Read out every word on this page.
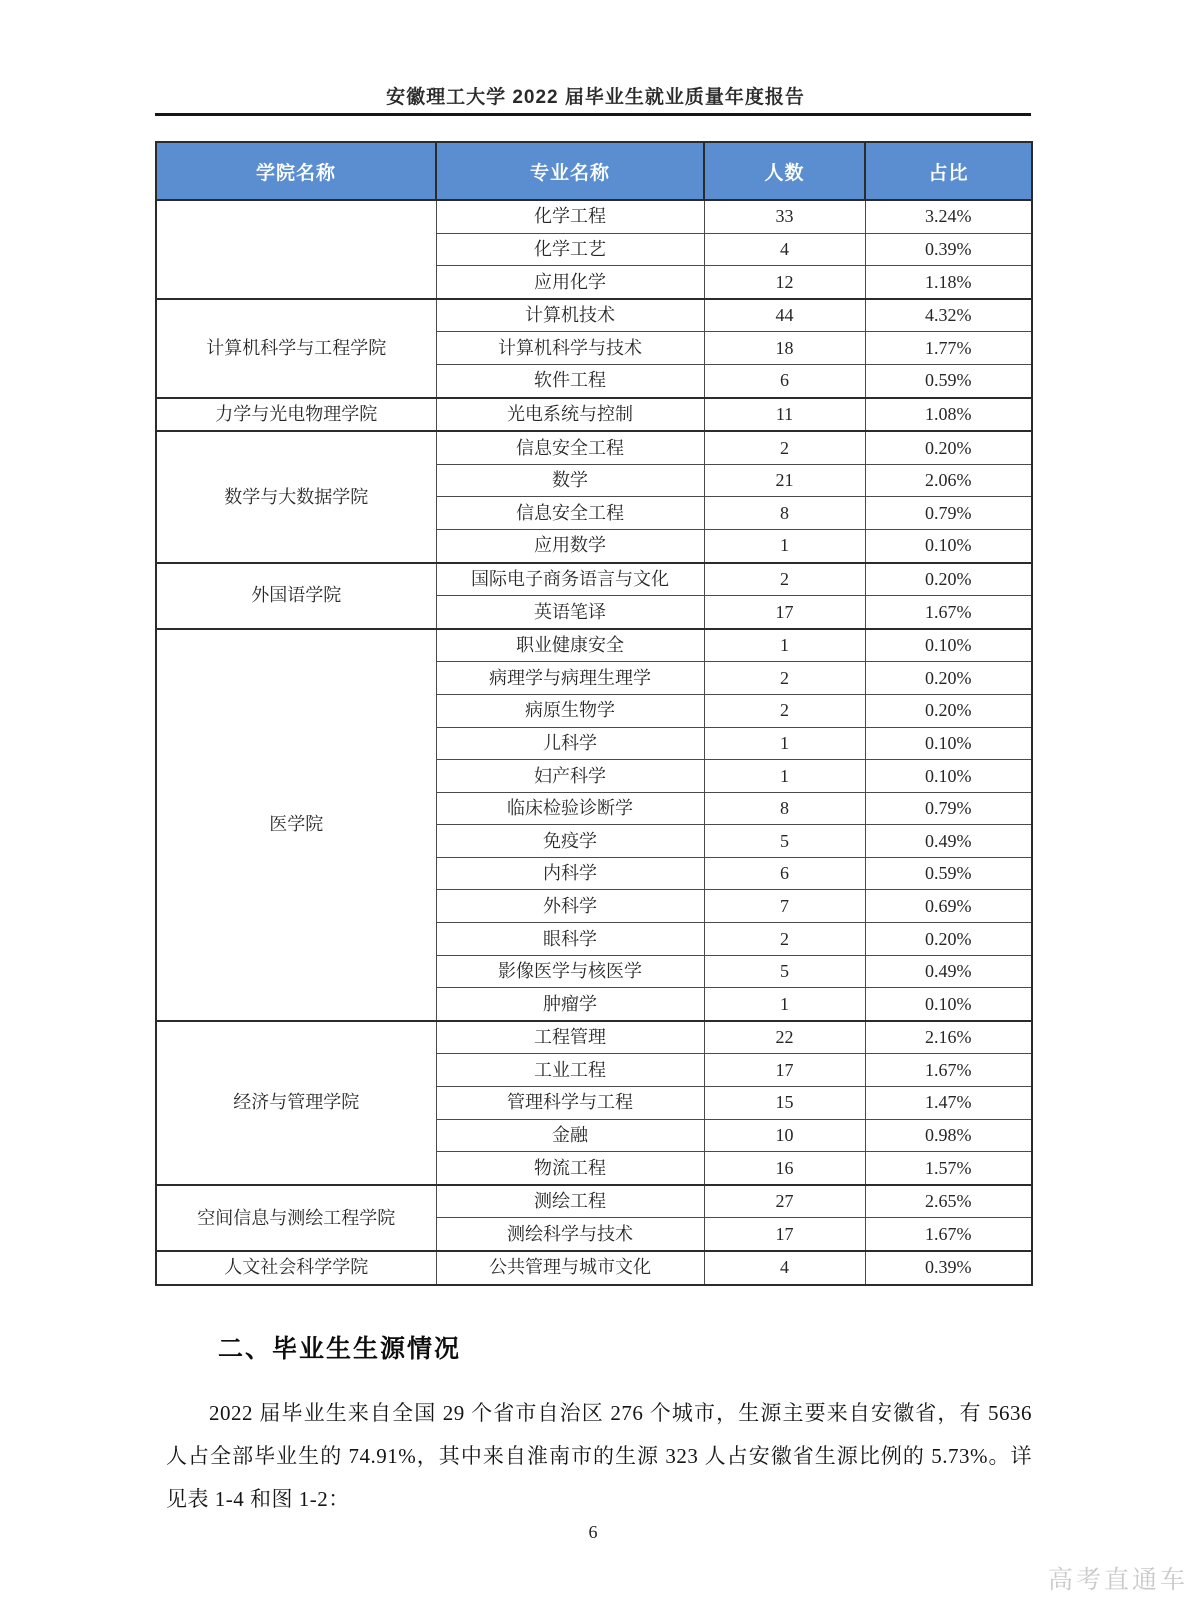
安徽理工大学 2022 届毕业生就业质量年度报告
学院名称	专业名称	人数	占比
	化学工程	33	3.24%
	化学工艺	4	0.39%
	应用化学	12	1.18%
计算机科学与工程学院	计算机技术	44	4.32%
	计算机科学与技术	18	1.77%
	软件工程	6	0.59%
力学与光电物理学院	光电系统与控制	11	1.08%
数学与大数据学院	信息安全工程	2	0.20%
	数学	21	2.06%
	信息安全工程	8	0.79%
	应用数学	1	0.10%
外国语学院	国际电子商务语言与文化	2	0.20%
	英语笔译	17	1.67%
医学院	职业健康安全	1	0.10%
	病理学与病理生理学	2	0.20%
	病原生物学	2	0.20%
	儿科学	1	0.10%
	妇产科学	1	0.10%
	临床检验诊断学	8	0.79%
	免疫学	5	0.49%
	内科学	6	0.59%
	外科学	7	0.69%
	眼科学	2	0.20%
	影像医学与核医学	5	0.49%
	肿瘤学	1	0.10%
经济与管理学院	工程管理	22	2.16%
	工业工程	17	1.67%
	管理科学与工程	15	1.47%
	金融	10	0.98%
	物流工程	16	1.57%
空间信息与测绘工程学院	测绘工程	27	2.65%
	测绘科学与技术	17	1.67%
人文社会科学学院	公共管理与城市文化	4	0.39%
二、毕业生生源情况

2022 届毕业生来自全国 29 个省市自治区 276 个城市，生源主要来自安徽省，有 5636 人占全部毕业生的 74.91%，其中来自淮南市的生源 323 人占安徽省生源比例的 5.73%。详见表 1-4 和图 1-2：

6
高考直通车
